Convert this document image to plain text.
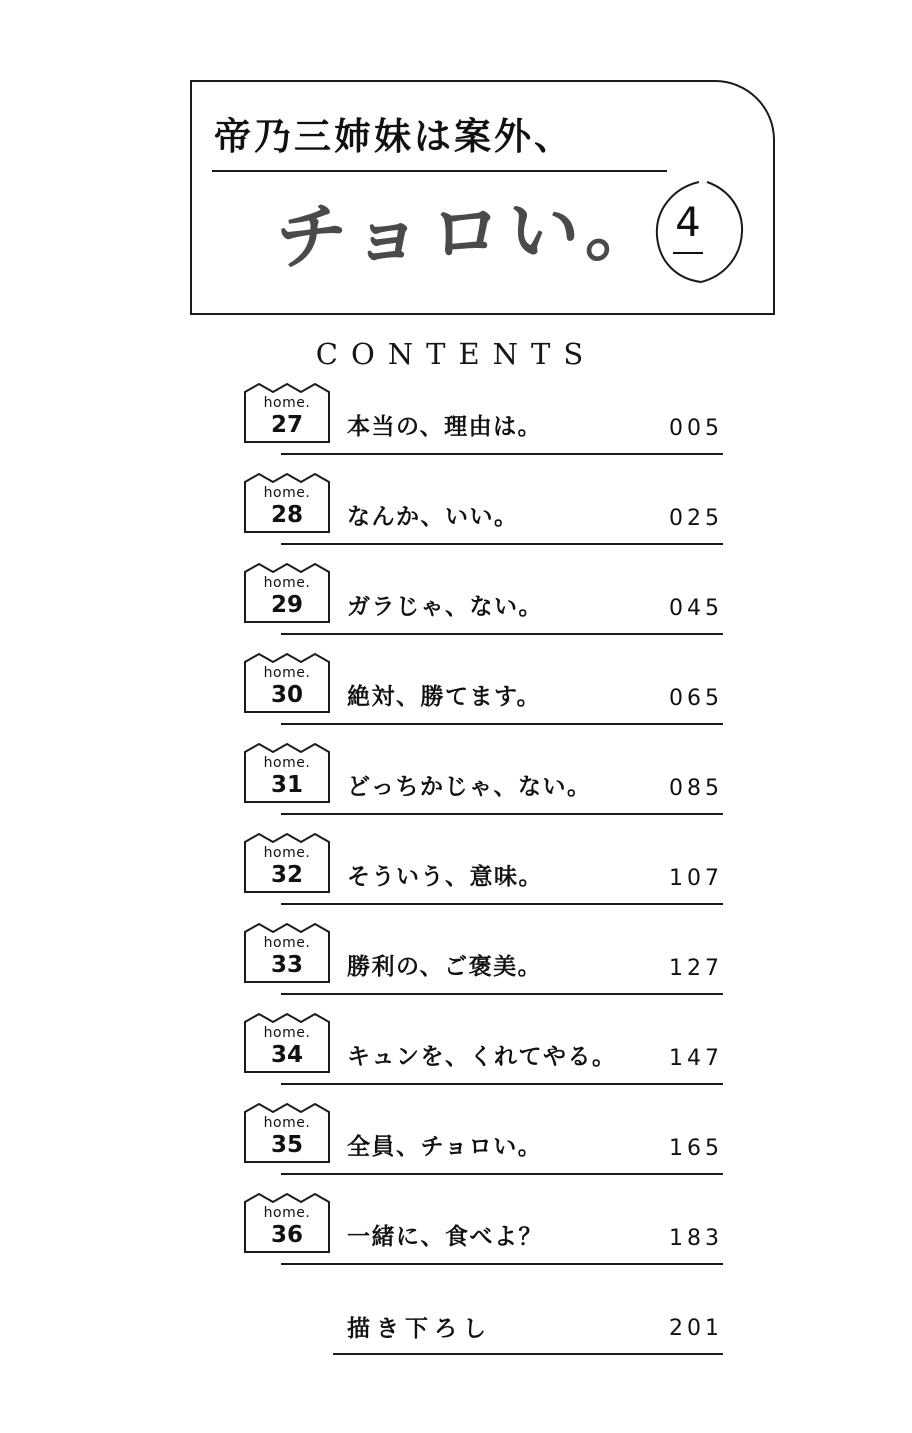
帝乃三姉妹は案外、
チョロい。 4
CONTENTS
home.
27	本当の、理由は。	005
home.
28	なんか、いい。	025
home.
29	ガラじゃ、ない。	045
home.
30	絶対、勝てます。	065
home.
31	どっちかじゃ、ない。	085
home.
32	そういう、意味。	107
home.
33	勝利の、ご褒美。	127
home.
34	キュンを、くれてやる。 147
home.
35	全員、チョロい。	165
home.
36	一緒に、食べよ？	183
描き下ろし	201
